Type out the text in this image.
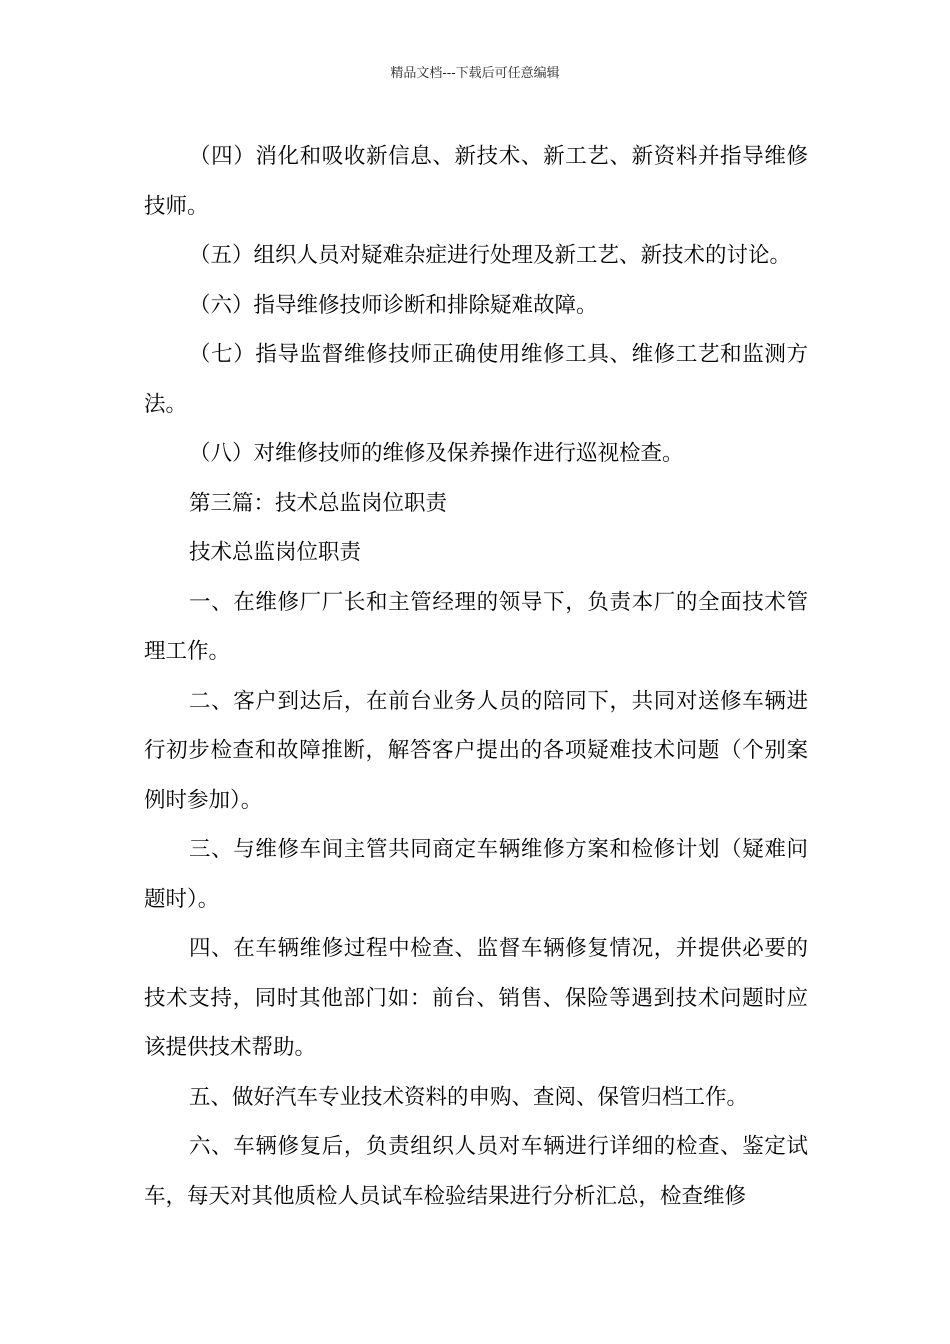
精品文档---下载后可任意编辑

（四）消化和吸收新信息、新技术、新工艺、新资料并指导维修技师。

（五）组织人员对疑难杂症进行处理及新工艺、新技术的讨论。

（六）指导维修技师诊断和排除疑难故障。

（七）指导监督维修技师正确使用维修工具、维修工艺和监测方法。

（八）对维修技师的维修及保养操作进行巡视检查。

第三篇：技术总监岗位职责

技术总监岗位职责

一、在维修厂厂长和主管经理的领导下，负责本厂的全面技术管理工作。

二、客户到达后，在前台业务人员的陪同下，共同对送修车辆进行初步检查和故障推断，解答客户提出的各项疑难技术问题（个别案例时参加）。

三、与维修车间主管共同商定车辆维修方案和检修计划（疑难问题时）。

四、在车辆维修过程中检查、监督车辆修复情况，并提供必要的技术支持，同时其他部门如：前台、销售、保险等遇到技术问题时应该提供技术帮助。

五、做好汽车专业技术资料的申购、查阅、保管归档工作。

六、车辆修复后，负责组织人员对车辆进行详细的检查、鉴定试车，每天对其他质检人员试车检验结果进行分析汇总，检查维修
